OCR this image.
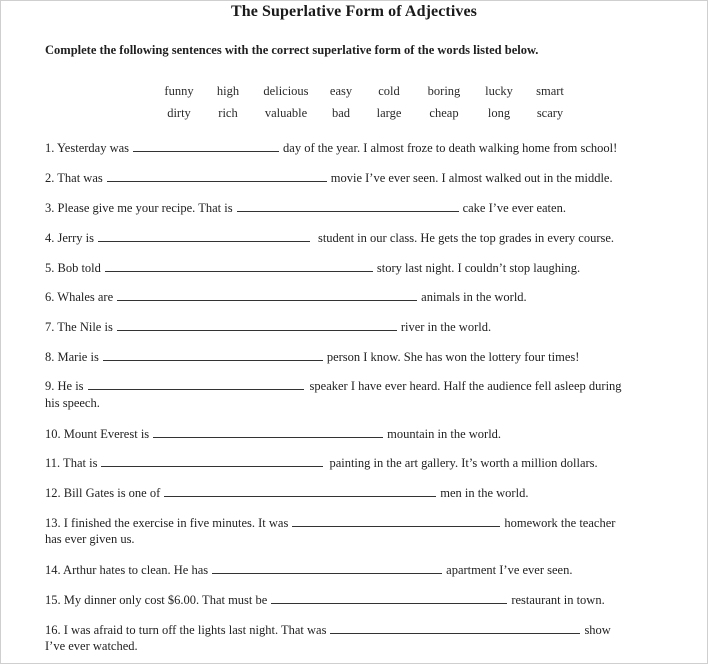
The Superlative Form of Adjectives
Complete the following sentences with the correct superlative form of the words listed below.
funny	high	delicious	easy	cold	boring	lucky	smart
dirty	rich	valuable	bad	large	cheap	long	scary
1. Yesterday was	day of the year. I almost froze to death walking home from school!
2. That was	movie I’ve ever seen. I almost walked out in the middle.
3. Please give me your recipe. That is	cake I’ve ever eaten.
4. Jerry is	student in our class. He gets the top grades in every course.
5. Bob told	story last night. I couldn’t stop laughing.
6. Whales are	animals in the world.
7. The Nile is	river in the world.
8. Marie is	person I know. She has won the lottery four times!
9. He is	speaker I have ever heard. Half the audience fell asleep during
his speech.
10. Mount Everest is	mountain in the world.
11. That is	painting in the art gallery. It’s worth a million dollars.
12. Bill Gates is one of	men in the world.
13. I finished the exercise in five minutes. It was	homework the teacher
has ever given us.
14. Arthur hates to clean. He has	apartment I’ve ever seen.
15. My dinner only cost $6.00. That must be	restaurant in town.
16. I was afraid to turn off the lights last night. That was	show
I’ve ever watched.
